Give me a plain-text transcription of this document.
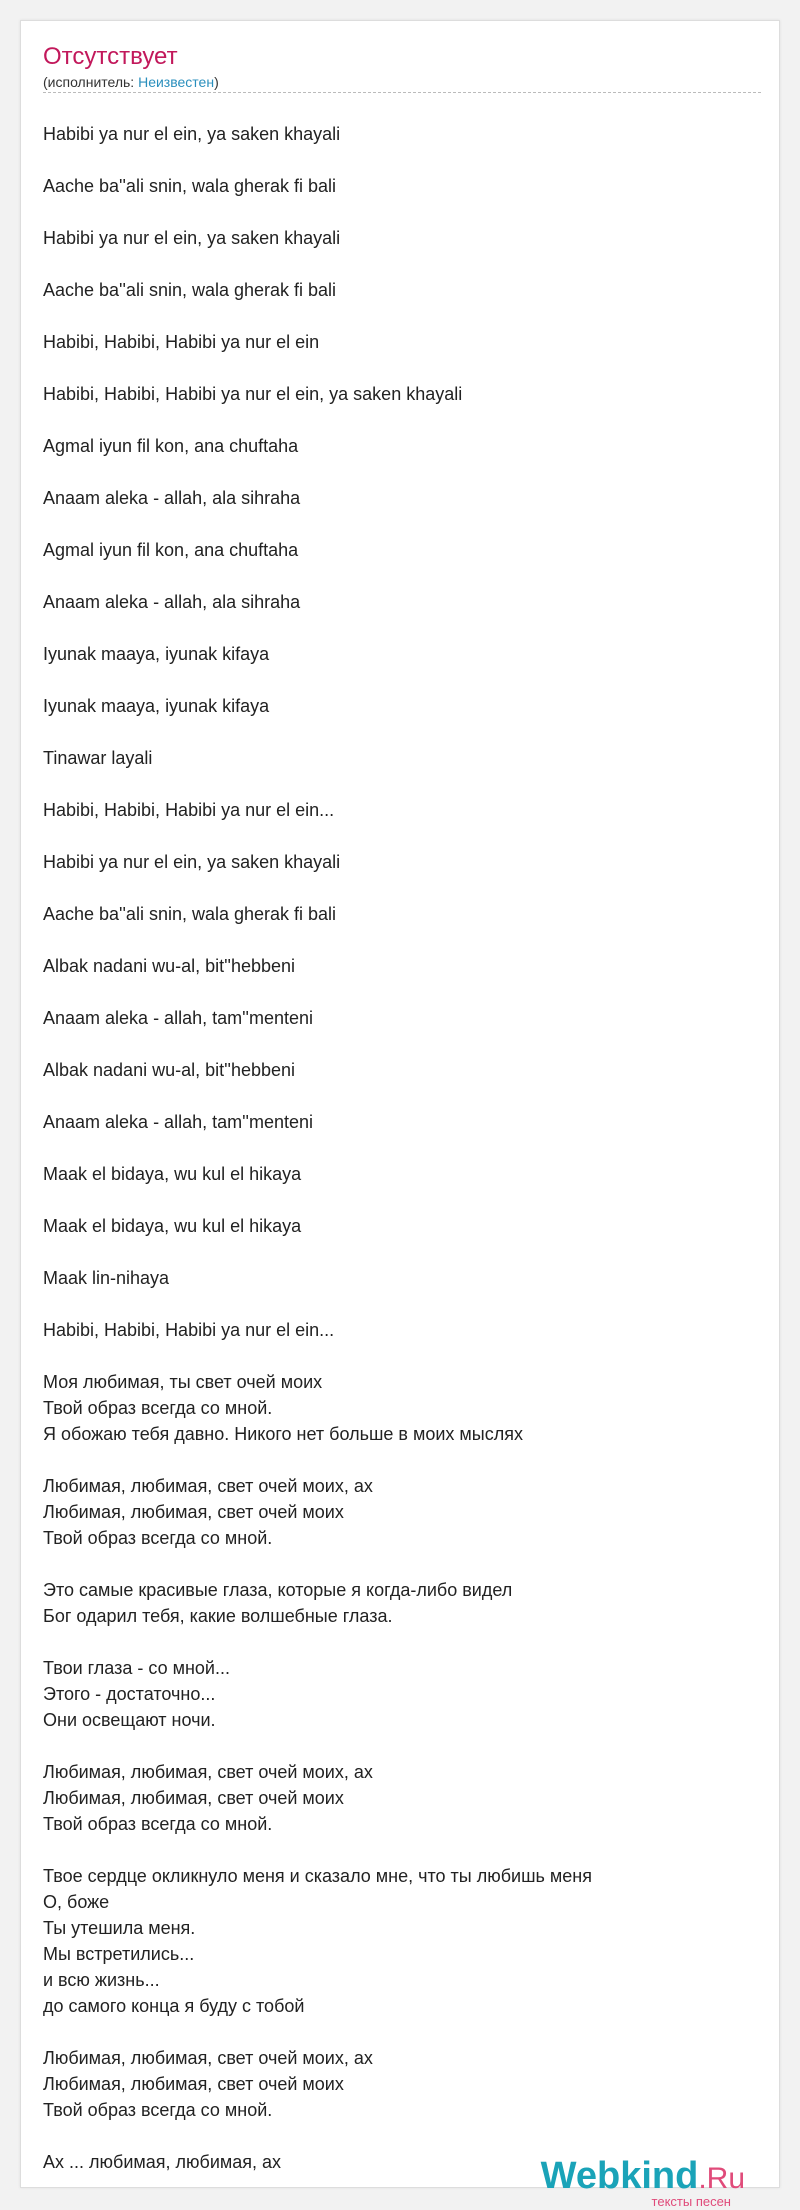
Отсутствует
(исполнитель: Неизвестен)
Habibi ya nur el ein, ya saken khayali
Aache ba''ali snin, wala gherak fi bali
Habibi ya nur el ein, ya saken khayali
Aache ba''ali snin, wala gherak fi bali
Habibi, Habibi, Habibi ya nur el ein
Habibi, Habibi, Habibi ya nur el ein, ya saken khayali
Agmal iyun fil kon, ana chuftaha
Anaam aleka - allah, ala sihraha
Agmal iyun fil kon, ana chuftaha
Anaam aleka - allah, ala sihraha
Iyunak maaya, iyunak kifaya
Iyunak maaya, iyunak kifaya
Tinawar layali
Habibi, Habibi, Habibi ya nur el ein...
Habibi ya nur el ein, ya saken khayali
Aache ba''ali snin, wala gherak fi bali
Albak nadani wu-al, bit''hebbeni
Anaam aleka - allah, tam''menteni
Albak nadani wu-al, bit''hebbeni
Anaam aleka - allah, tam''menteni
Maak el bidaya, wu kul el hikaya
Maak el bidaya, wu kul el hikaya
Maak lin-nihaya
Habibi, Habibi, Habibi ya nur el ein...
Моя любимая, ты свет очей моих
Твой образ всегда со мной.
Я обожаю тебя давно. Никого нет больше в моих мыслях
Любимая, любимая, свет очей моих, ах
Любимая, любимая, свет очей моих
Твой образ всегда со мной.
Это самые красивые глаза, которые я когда-либо видел
Бог одарил тебя, какие волшебные глаза.
Твои глаза - со мной...
Этого - достаточно...
Они освещают ночи.
Любимая, любимая, свет очей моих, ах
Любимая, любимая, свет очей моих
Твой образ всегда со мной.
Твое сердце окликнуло меня и сказало мне, что ты любишь меня
О, боже
Ты утешила меня.
Мы встретились...
и всю жизнь...
до самого конца я буду с тобой
Любимая, любимая, свет очей моих, ах
Любимая, любимая, свет очей моих
Твой образ всегда со мной.
Ах ... любимая, любимая, ах	Webkind.Ru
тексты песен
